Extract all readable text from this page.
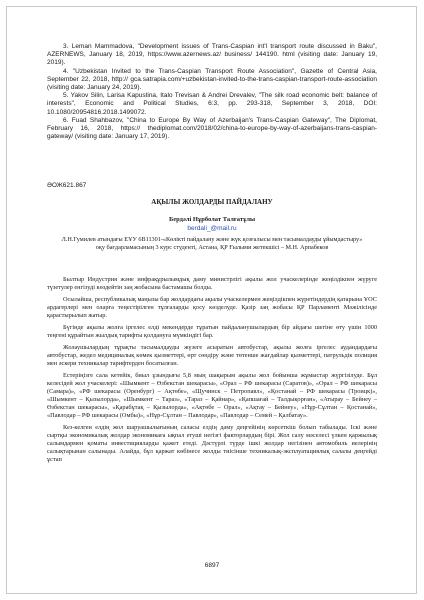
3. Leman Mammadova, "Development issues of Trans-Caspian int'l transport route discussed in Baku", AZERNEWS, January 18, 2019, https://www.azernews.az/ business/ 144190. html (visiting date: January 19, 2019).

4. "Uzbekistan Invited to the Trans-Caspian Transport Route Association", Gazette of Central Asia, September 22, 2018, http:// gca.satrapia.com/+uzbekistan-invited-to-the-trans-caspian-transport-route-association (visiting date: January 24, 2019).

5. Yakov Silin, Larisa Kapustina, Italo Trevisan & Andrei Drevalev, "The silk road economic belt: balance of interests", Economic and Political Studies, 6:3, pp. 293-318, September 3, 2018, DOI: 10.1080/20954816.2018.1499072.

6. Fuad Shahbazov, "China to Europe By Way of Azerbaijan's Trans-Caspian Gateway", The Diplomat, February 16, 2018, https:// thediplomat.com/2018/02/china-to-europe-by-way-of-azerbaijans-trans-caspian-gateway/ (visiting date: January 17, 2019).

ӘОЖ621.867
АҚЫЛЫ ЖОЛДАРДЫ ПАЙДАЛАНУ
Бердәлі Нұрболат Талғатұлы
berdali_@mail.ru
Л.Н.Гумилев атындағы ЕҰУ 6В11301-«Көлікті пайдалану және жүк қозғалысы мен тасымалдауды ұйымдастыру» оқу бағдарламасының 3 курс студенті, Астана, ҚР Ғылыми жетекшісі – М.Н. Арпабеков

Былтыр Индустрия және инфрақұрылымдық даму министрлігі ақылы жол учаскелерінде жеңілдікпен жүруге түзетулер енгізуді көздейтін заң жобасына бастамашы болды.

Осылайша, республикалық маңызы бар жолдардағы ақылы учаскелермен жеңілдікпен жүретіндердің қатарына ҰОС ардагерлері мен оларға теңестірілген тұлғаларды қосу көзделуде. Қазір заң жобасы ҚР Парламенті Мәжілісінде қарастырылып жатыр.

Бүгінде ақылы жолға іргелес елді мекендерде тұратын пайдаланушылардың бір айдағы шегіне өту үшін 1000 теңгені құрайтын жылдық тарифты қолдануға мүмкіндігі бар.

Жолаушылардың тұрақты тасымалдауды жүзеге асыратын автобустар, ақылы жолға іргелес аудандардағы автобустар, жедел медициналық көмек қызметтері, өрт сөндіру және төтенше жағдайлар қызметтері, патрульдік полиция мен әскери техникалар тарифтерден босатылған.

Естеріңізге сала кетейік, биыл ұзындығы 5,8 мың шақырым ақылы жол бойынша жұмыстар жүргізілуде. Бұл келесідей жол учаскелері: «Шымкент – Өзбекстан шекарасы», «Орал – РФ шекарасы (Саратов)», «Орал – РФ шекарасы (Самара)», «РФ шекарасы (Оренбург) – Ақтөбе», «Щучинск – Петропавл», «Қостанай – РФ шекарасы (Троицк)», «Шымкент – Қызылорда», «Шымкент – Тараз», «Тараз – Қайнар», «Қапшағай – Талдықорған», «Атырау – Бейнеу – Өзбекстан шекарасы», «Қарабұтақ – Қызылорда», «Ақтөбе – Орал», «Ақтау – Бейнеу», «Нұр-Сұлтан – Қостанай», «Павлодар – РФ шекарасы (Омбы)», «Нұр-Сұлтан – Павлодар», «Павлодар – Семей – Қалбатау».

Кез-келген елдің жол шаруашылығының саласы елдің даму деңгейінің көрсеткіш болып табылады. Іскі және сыртқы экономикалық жолдар экономикаға ықпал етуші негізгі факторлардың бірі. Жол салу мәселесі үлкен қаржылық салымдармен қоматы инвестицияларды қажет етеді. Дәстүрлі түрде ішкі жолдар негізінен автомобиль иелерінің салықтарынан салынады. Алайда, бұл қаржат көбінесе жолды тиісінше техникалық-эксплуатациялық салалы деңгейді ұстап

6897
